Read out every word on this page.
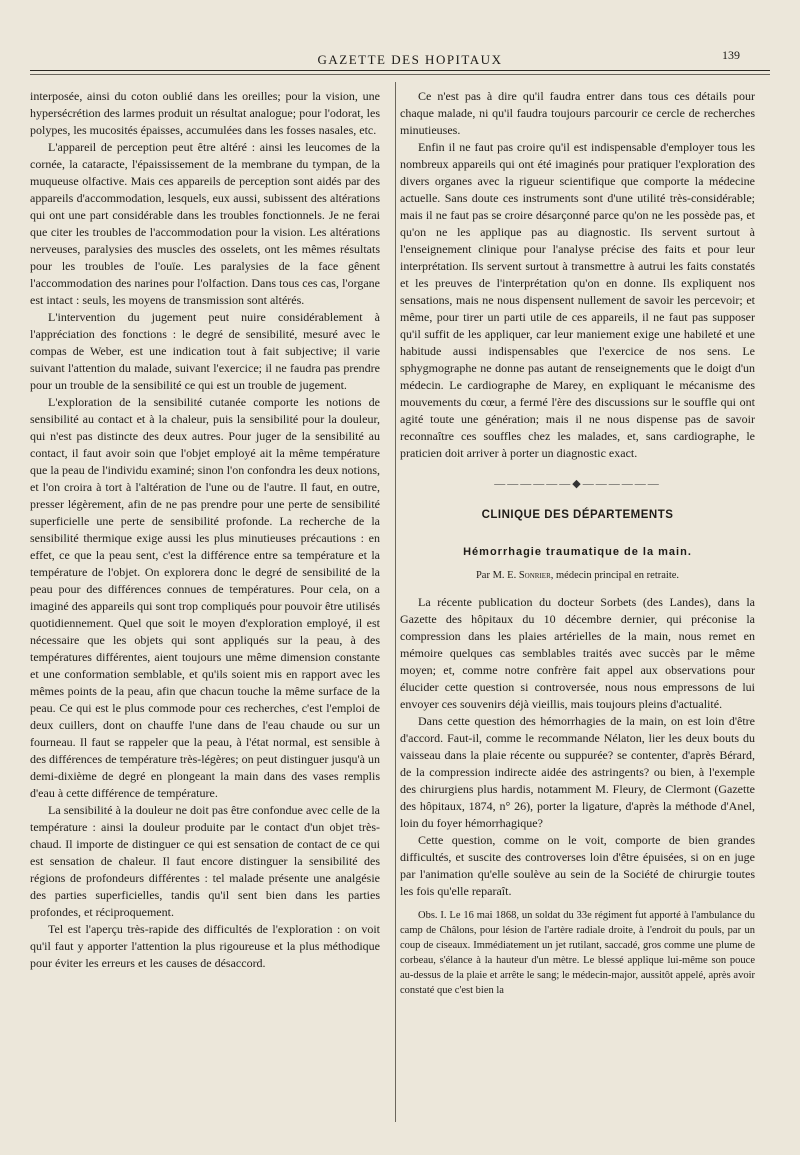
GAZETTE DES HOPITAUX	139

interposée, ainsi du coton oublié dans les oreilles; pour la vision, une hypersécrétion des larmes produit un résultat analogue; pour l'odorat, les polypes, les mucosités épaisses, accumulées dans les fosses nasales, etc.

L'appareil de perception peut être altéré : ainsi les leucomes de la cornée, la cataracte, l'épaississement de la membrane du tympan, de la muqueuse olfactive. Mais ces appareils de perception sont aidés par des appareils d'accommodation, lesquels, eux aussi, subissent des altérations qui ont une part considérable dans les troubles fonctionnels. Je ne ferai que citer les troubles de l'accommodation pour la vision. Les altérations nerveuses, paralysies des muscles des osselets, ont les mêmes résultats pour les troubles de l'ouïe. Les paralysies de la face gênent l'accommodation des narines pour l'olfaction. Dans tous ces cas, l'organe est intact : seuls, les moyens de transmission sont altérés.

L'intervention du jugement peut nuire considérablement à l'appréciation des fonctions : le degré de sensibilité, mesuré avec le compas de Weber, est une indication tout à fait subjective; il varie suivant l'attention du malade, suivant l'exercice; il ne faudra pas prendre pour un trouble de la sensibilité ce qui est un trouble de jugement.

L'exploration de la sensibilité cutanée comporte les notions de sensibilité au contact et à la chaleur, puis la sensibilité pour la douleur, qui n'est pas distincte des deux autres. Pour juger de la sensibilité au contact, il faut avoir soin que l'objet employé ait la même température que la peau de l'individu examiné; sinon l'on confondra les deux notions, et l'on croira à tort à l'altération de l'une ou de l'autre. Il faut, en outre, presser légèrement, afin de ne pas prendre pour une perte de sensibilité superficielle une perte de sensibilité profonde. La recherche de la sensibilité thermique exige aussi les plus minutieuses précautions : en effet, ce que la peau sent, c'est la différence entre sa température et la température de l'objet. On explorera donc le degré de sensibilité de la peau pour des différences connues de températures. Pour cela, on a imaginé des appareils qui sont trop compliqués pour pouvoir être utilisés quotidiennement. Quel que soit le moyen d'exploration employé, il est nécessaire que les objets qui sont appliqués sur la peau, à des températures différentes, aient toujours une même dimension constante et une conformation semblable, et qu'ils soient mis en rapport avec les mêmes points de la peau, afin que chacun touche la même surface de la peau. Ce qui est le plus commode pour ces recherches, c'est l'emploi de deux cuillers, dont on chauffe l'une dans de l'eau chaude ou sur un fourneau. Il faut se rappeler que la peau, à l'état normal, est sensible à des différences de température très-légères; on peut distinguer jusqu'à un demi-dixième de degré en plongeant la main dans des vases remplis d'eau à cette différence de température.

La sensibilité à la douleur ne doit pas être confondue avec celle de la température : ainsi la douleur produite par le contact d'un objet très-chaud. Il importe de distinguer ce qui est sensation de contact de ce qui est sensation de chaleur. Il faut encore distinguer la sensibilité des régions de profondeurs différentes : tel malade présente une analgésie des parties superficielles, tandis qu'il sent bien dans les parties profondes, et réciproquement.

Tel est l'aperçu très-rapide des difficultés de l'exploration : on voit qu'il faut y apporter l'attention la plus rigoureuse et la plus méthodique pour éviter les erreurs et les causes de désaccord.

Ce n'est pas à dire qu'il faudra entrer dans tous ces détails pour chaque malade, ni qu'il faudra toujours parcourir ce cercle de recherches minutieuses.

Enfin il ne faut pas croire qu'il est indispensable d'employer tous les nombreux appareils qui ont été imaginés pour pratiquer l'exploration des divers organes avec la rigueur scientifique que comporte la médecine actuelle. Sans doute ces instruments sont d'une utilité très-considérable; mais il ne faut pas se croire désarçonné parce qu'on ne les possède pas, et qu'on ne les applique pas au diagnostic. Ils servent surtout à l'enseignement clinique pour l'analyse précise des faits et pour leur interprétation. Ils servent surtout à transmettre à autrui les faits constatés et les preuves de l'interprétation qu'on en donne. Ils expliquent nos sensations, mais ne nous dispensent nullement de savoir les percevoir; et même, pour tirer un parti utile de ces appareils, il ne faut pas supposer qu'il suffit de les appliquer, car leur maniement exige une habileté et une habitude aussi indispensables que l'exercice de nos sens. Le sphygmographe ne donne pas autant de renseignements que le doigt d'un médecin. Le cardiographe de Marey, en expliquant le mécanisme des mouvements du cœur, a fermé l'ère des discussions sur le souffle qui ont agité toute une génération; mais il ne nous dispense pas de savoir reconnaître ces souffles chez les malades, et, sans cardiographe, le praticien doit arriver à porter un diagnostic exact.

——————◆——————
CLINIQUE DES DÉPARTEMENTS
Hémorrhagie traumatique de la main.
Par M. E. Sonrier, médecin principal en retraite.

La récente publication du docteur Sorbets (des Landes), dans la Gazette des hôpitaux du 10 décembre dernier, qui préconise la compression dans les plaies artérielles de la main, nous remet en mémoire quelques cas semblables traités avec succès par le même moyen; et, comme notre confrère fait appel aux observations pour élucider cette question si controversée, nous nous empressons de lui envoyer ces souvenirs déjà vieillis, mais toujours pleins d'actualité.

Dans cette question des hémorrhagies de la main, on est loin d'être d'accord. Faut-il, comme le recommande Nélaton, lier les deux bouts du vaisseau dans la plaie récente ou suppurée? se contenter, d'après Bérard, de la compression indirecte aidée des astringents? ou bien, à l'exemple des chirurgiens plus hardis, notamment M. Fleury, de Clermont (Gazette des hôpitaux, 1874, n° 26), porter la ligature, d'après la méthode d'Anel, loin du foyer hémorrhagique?

Cette question, comme on le voit, comporte de bien grandes difficultés, et suscite des controverses loin d'être épuisées, si on en juge par l'animation qu'elle soulève au sein de la Société de chirurgie toutes les fois qu'elle reparaît.

Obs. I. Le 16 mai 1868, un soldat du 33e régiment fut apporté à l'ambulance du camp de Châlons, pour lésion de l'artère radiale droite, à l'endroit du pouls, par un coup de ciseaux. Immédiatement un jet rutilant, saccadé, gros comme une plume de corbeau, s'élance à la hauteur d'un mètre. Le blessé applique lui-même son pouce au-dessus de la plaie et arrête le sang; le médecin-major, aussitôt appelé, après avoir constaté que c'est bien la
